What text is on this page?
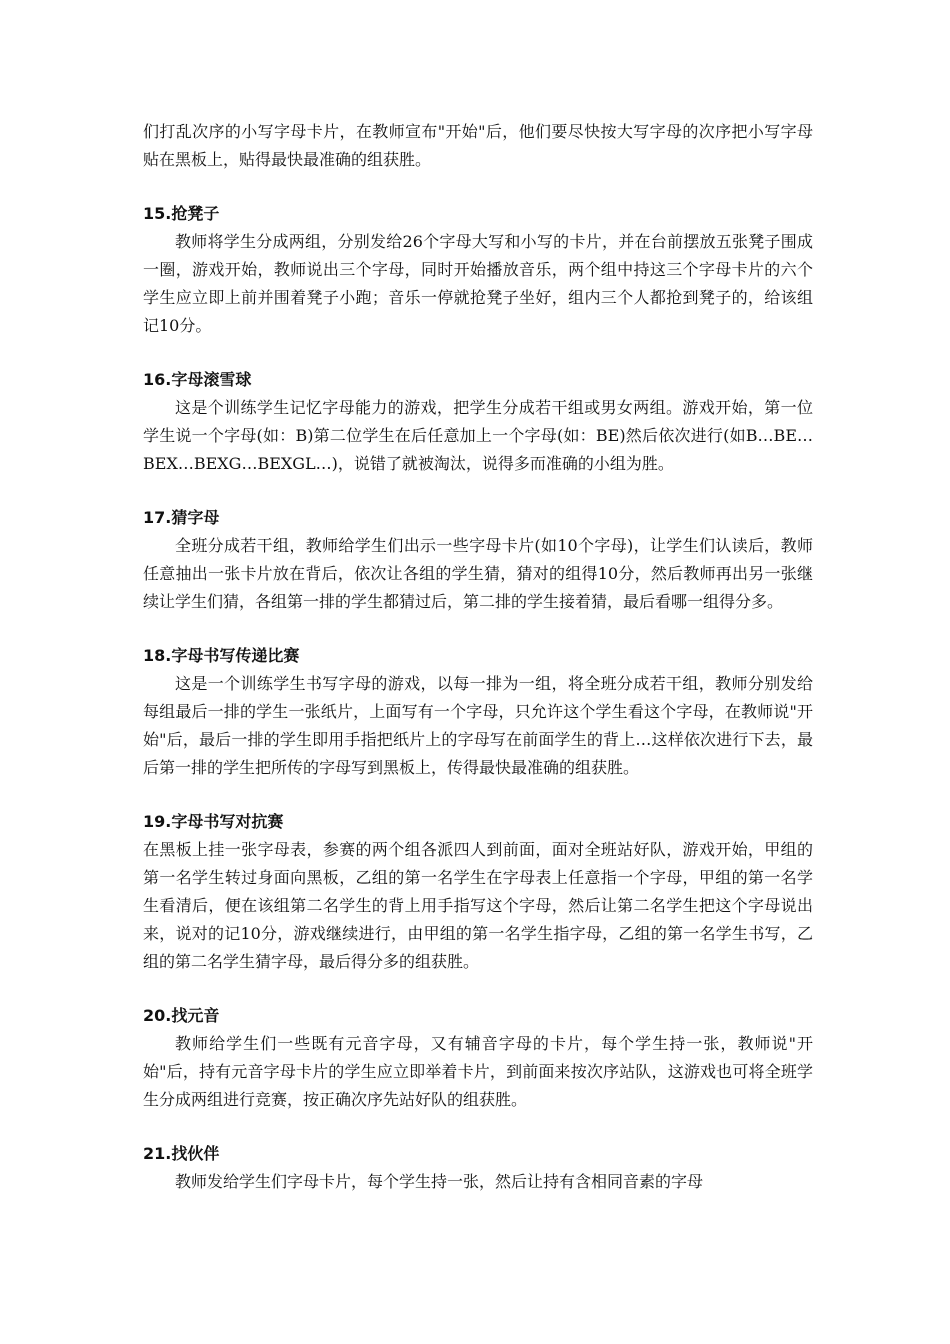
们打乱次序的小写字母卡片，在教师宣布"开始"后，他们要尽快按大写字母的次序把小写字母贴在黑板上，贴得最快最准确的组获胜。

15.抢凳子

教师将学生分成两组，分别发给26个字母大写和小写的卡片，并在台前摆放五张凳子围成一圈，游戏开始，教师说出三个字母，同时开始播放音乐，两个组中持这三个字母卡片的六个学生应立即上前并围着凳子小跑；音乐一停就抢凳子坐好，组内三个人都抢到凳子的，给该组记10分。

16.字母滚雪球

这是个训练学生记忆字母能力的游戏，把学生分成若干组或男女两组。游戏开始，第一位学生说一个字母(如：B)第二位学生在后任意加上一个字母(如：BE)然后依次进行(如B…BE…BEX…BEXG…BEXGL…)，说错了就被淘汰，说得多而准确的小组为胜。

17.猜字母

全班分成若干组，教师给学生们出示一些字母卡片(如10个字母)，让学生们认读后，教师任意抽出一张卡片放在背后，依次让各组的学生猜，猜对的组得10分，然后教师再出另一张继续让学生们猜，各组第一排的学生都猜过后，第二排的学生接着猜，最后看哪一组得分多。

18.字母书写传递比赛

这是一个训练学生书写字母的游戏，以每一排为一组，将全班分成若干组，教师分别发给每组最后一排的学生一张纸片，上面写有一个字母，只允许这个学生看这个字母，在教师说"开始"后，最后一排的学生即用手指把纸片上的字母写在前面学生的背上…这样依次进行下去，最后第一排的学生把所传的字母写到黑板上，传得最快最准确的组获胜。

19.字母书写对抗赛

在黑板上挂一张字母表，参赛的两个组各派四人到前面，面对全班站好队，游戏开始，甲组的第一名学生转过身面向黑板，乙组的第一名学生在字母表上任意指一个字母，甲组的第一名学生看清后，便在该组第二名学生的背上用手指写这个字母，然后让第二名学生把这个字母说出来，说对的记10分，游戏继续进行，由甲组的第一名学生指字母，乙组的第一名学生书写，乙组的第二名学生猜字母，最后得分多的组获胜。

20.找元音

教师给学生们一些既有元音字母，又有辅音字母的卡片，每个学生持一张，教师说"开始"后，持有元音字母卡片的学生应立即举着卡片，到前面来按次序站队，这游戏也可将全班学生分成两组进行竞赛，按正确次序先站好队的组获胜。

21.找伙伴

教师发给学生们字母卡片，每个学生持一张，然后让持有含相同音素的字母
